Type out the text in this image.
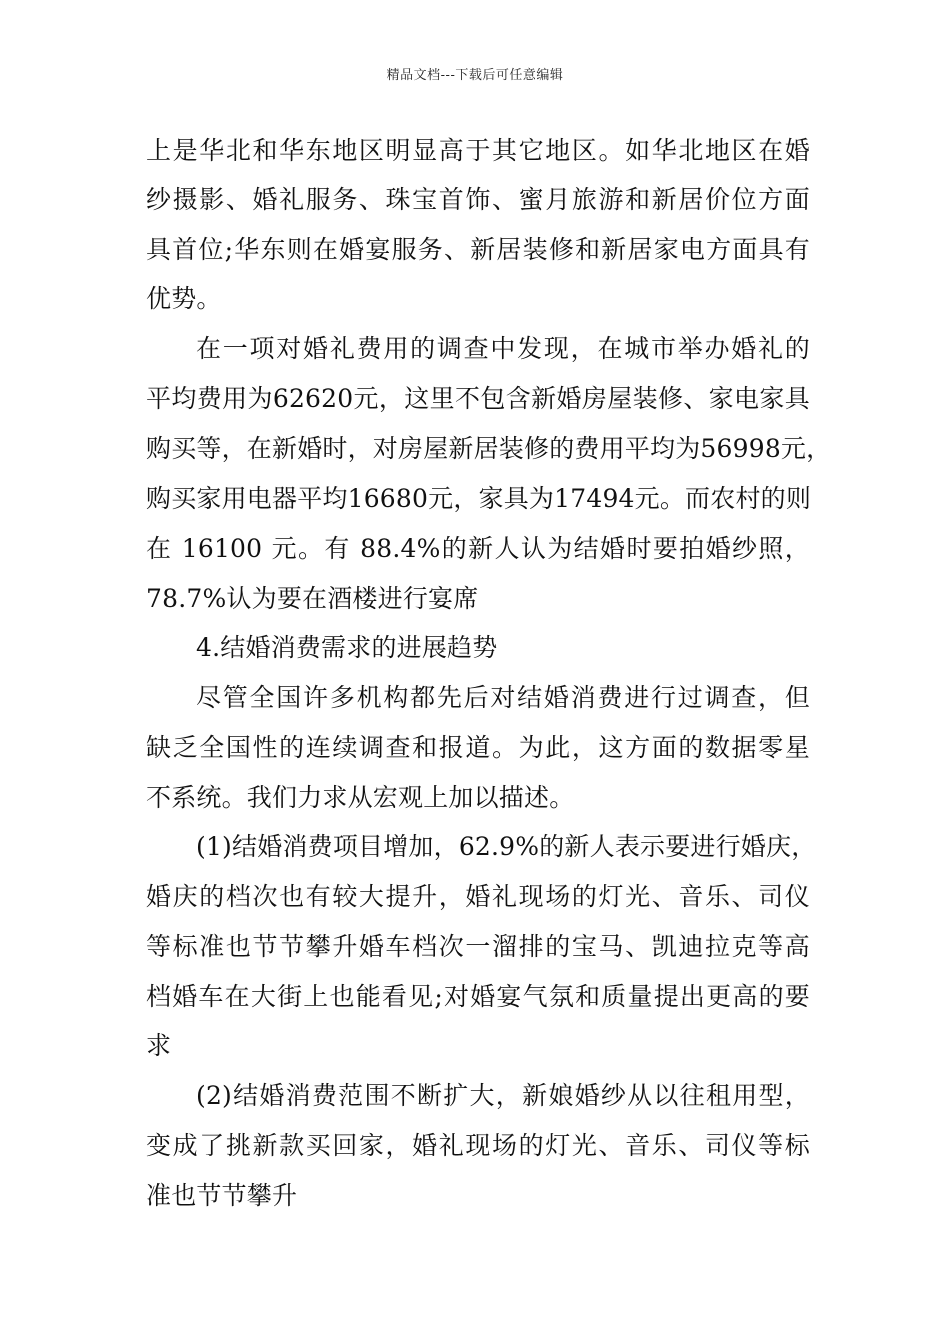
精品文档---下载后可任意编辑
上是华北和华东地区明显高于其它地区。如华北地区在婚
纱摄影、婚礼服务、珠宝首饰、蜜月旅游和新居价位方面
具首位;华东则在婚宴服务、新居装修和新居家电方面具有
优势。
在一项对婚礼费用的调查中发现，在城市举办婚礼的
平均费用为62620元，这里不包含新婚房屋装修、家电家具
购买等，在新婚时，对房屋新居装修的费用平均为56998元，
购买家用电器平均16680元，家具为17494元。而农村的则
在 16100 元。有 88.4%的新人认为结婚时要拍婚纱照，
78.7%认为要在酒楼进行宴席
4.结婚消费需求的进展趋势
尽管全国许多机构都先后对结婚消费进行过调查，但
缺乏全国性的连续调查和报道。为此，这方面的数据零星
不系统。我们力求从宏观上加以描述。
(1)结婚消费项目增加，62.9%的新人表示要进行婚庆，
婚庆的档次也有较大提升，婚礼现场的灯光、音乐、司仪
等标准也节节攀升婚车档次一溜排的宝马、凯迪拉克等高
档婚车在大街上也能看见;对婚宴气氛和质量提出更高的要
求
(2)结婚消费范围不断扩大，新娘婚纱从以往租用型，
变成了挑新款买回家，婚礼现场的灯光、音乐、司仪等标
准也节节攀升
